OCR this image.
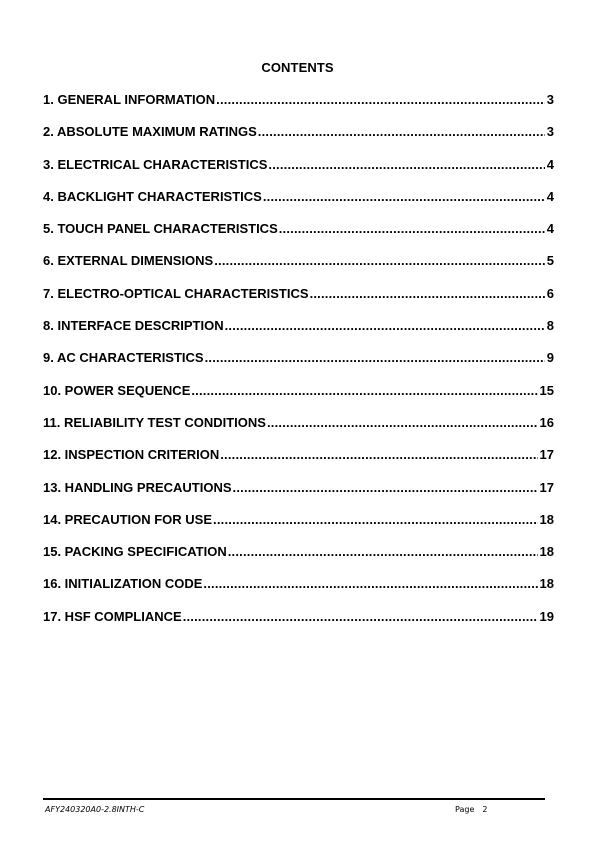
CONTENTS
1. GENERAL INFORMATION .....	3
2. ABSOLUTE MAXIMUM RATINGS .....	3
3. ELECTRICAL CHARACTERISTICS .....	4
4. BACKLIGHT CHARACTERISTICS .....	4
5. TOUCH PANEL CHARACTERISTICS .....	4
6. EXTERNAL DIMENSIONS .....	5
7. ELECTRO-OPTICAL CHARACTERISTICS .....	6
8. INTERFACE DESCRIPTION .....	8
9. AC CHARACTERISTICS .....	9
10. POWER SEQUENCE .....	15
11. RELIABILITY TEST CONDITIONS .....	16
12. INSPECTION CRITERION .....	17
13. HANDLING PRECAUTIONS .....	17
14. PRECAUTION FOR USE .....	18
15. PACKING SPECIFICATION .....	18
16. INITIALIZATION CODE .....	18
17. HSF COMPLIANCE .....	19
AFY240320A0-2.8INTH-C	Page 2
